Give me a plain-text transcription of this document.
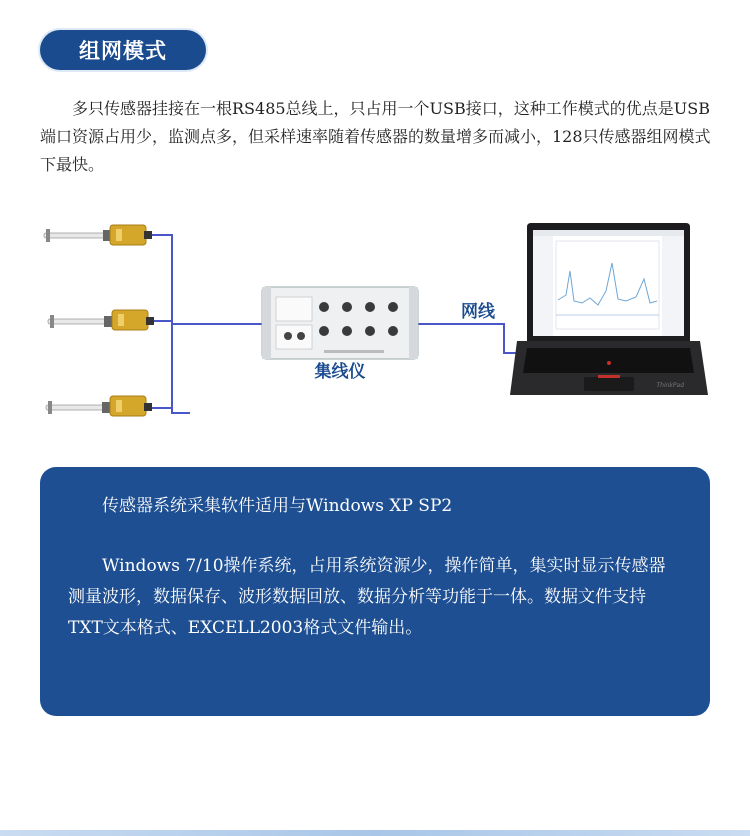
组网模式

多只传感器挂接在一根RS485总线上，只占用一个USB接口，这种工作模式的优点是USB端口资源占用少，监测点多，但采样速率随着传感器的数量增多而减小，128只传感器组网模式下最快。

集线仪
网线
ThinkPad

传感器系统采集软件适用与Windows XP SP2

Windows 7/10操作系统，占用系统资源少，操作简单，集实时显示传感器测量波形，数据保存、波形数据回放、数据分析等功能于一体。数据文件支持TXT文本格式、EXCELL2003格式文件输出。
